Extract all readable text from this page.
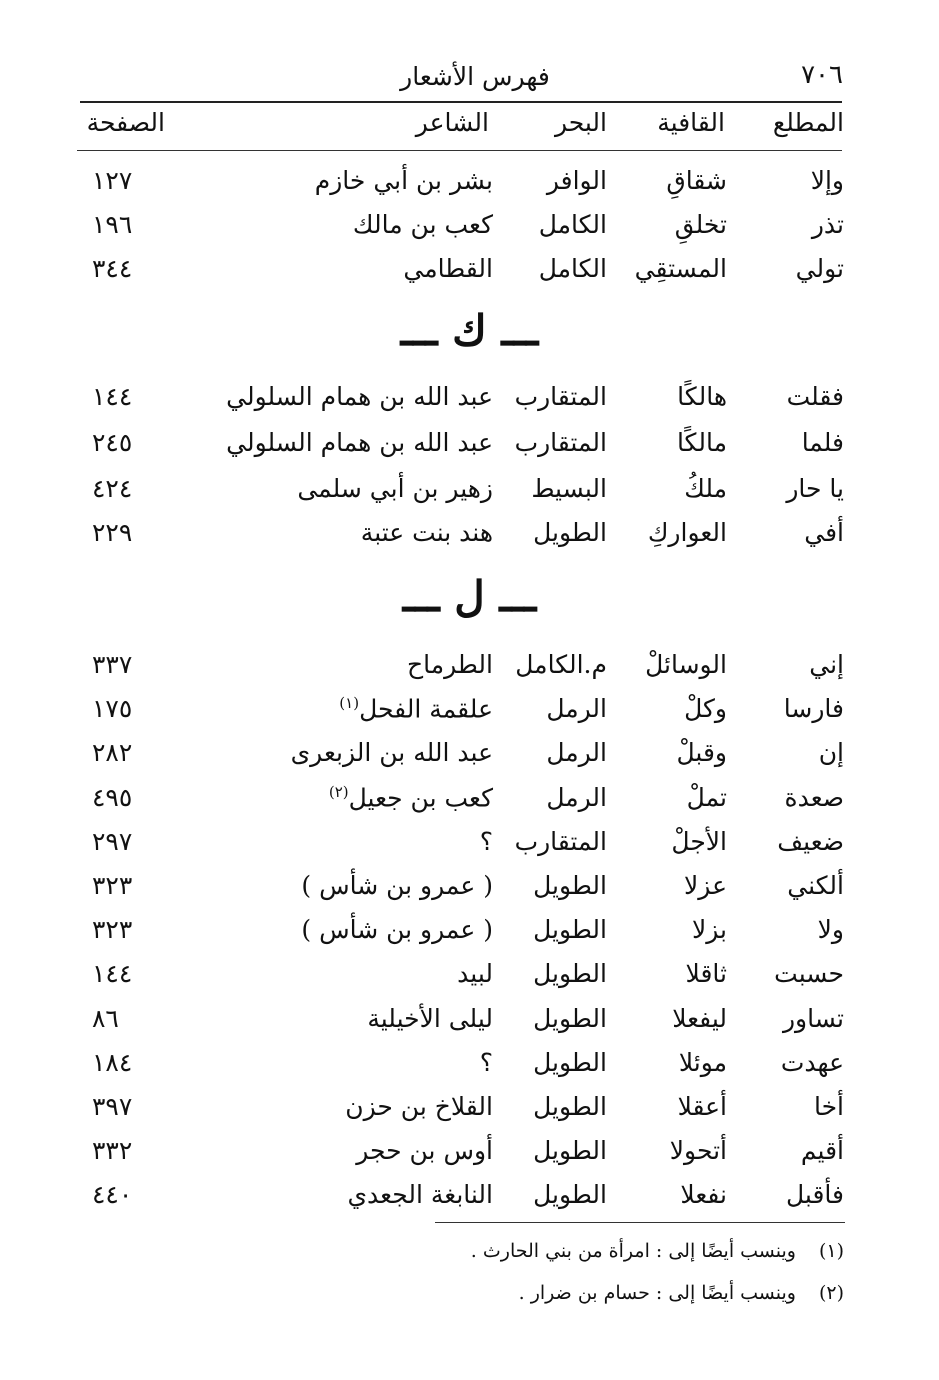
٧٠٦
فهرس الأشعار
المطلع
القافية
البحر
الشاعر
الصفحة
وإلا
شقاقِ
الوافر
بشر بن أبي خازم
١٢٧
تذر
تخلقِ
الكامل
كعب بن مالك
١٩٦
تولي
المستقِي
الكامل
القطامي
٣٤٤
ـــ ك ـــ
فقلت
هالكًا
المتقارب
عبد الله بن همام السلولي
١٤٤
فلما
مالكًا
المتقارب
عبد الله بن همام السلولي
٢٤٥
يا حار
ملكُ
البسيط
زهير بن أبي سلمى
٤٢٤
أفي
العواركِ
الطويل
هند بنت عتبة
٢٢٩
ـــ ل ـــ
إني
الوسائلْ
م.الكامل
الطرماح
٣٣٧
فارسا
وكلْ
الرمل
علقمة الفحل$^{(١)}$
١٧٥
إن
وقبلْ
الرمل
عبد الله بن الزبعرى
٢٨٢
صعدة
تملْ
الرمل
كعب بن جعيل$^{(٢)}$
٤٩٥
ضعيف
الأجلْ
المتقارب
؟
٢٩٧
ألكني
عزلا
الطويل
( عمرو بن شأس )
٣٢٣
ولا
بزلا
الطويل
( عمرو بن شأس )
٣٢٣
حسبت
ثاقلا
الطويل
لبيد
١٤٤
تساور
ليفعلا
الطويل
ليلى الأخيلية
٨٦
عهدت
موئلا
الطويل
؟
١٨٤
أخا
أعقلا
الطويل
القلاخ بن حزن
٣٩٧
أقيم
أتحولا
الطويل
أوس بن حجر
٣٣٢
فأقبل
نفعلا
الطويل
النابغة الجعدي
٤٤٠
(١) وينسب أيضًا إلى : امرأة من بني الحارث .
(٢) وينسب أيضًا إلى : حسام بن ضرار .
